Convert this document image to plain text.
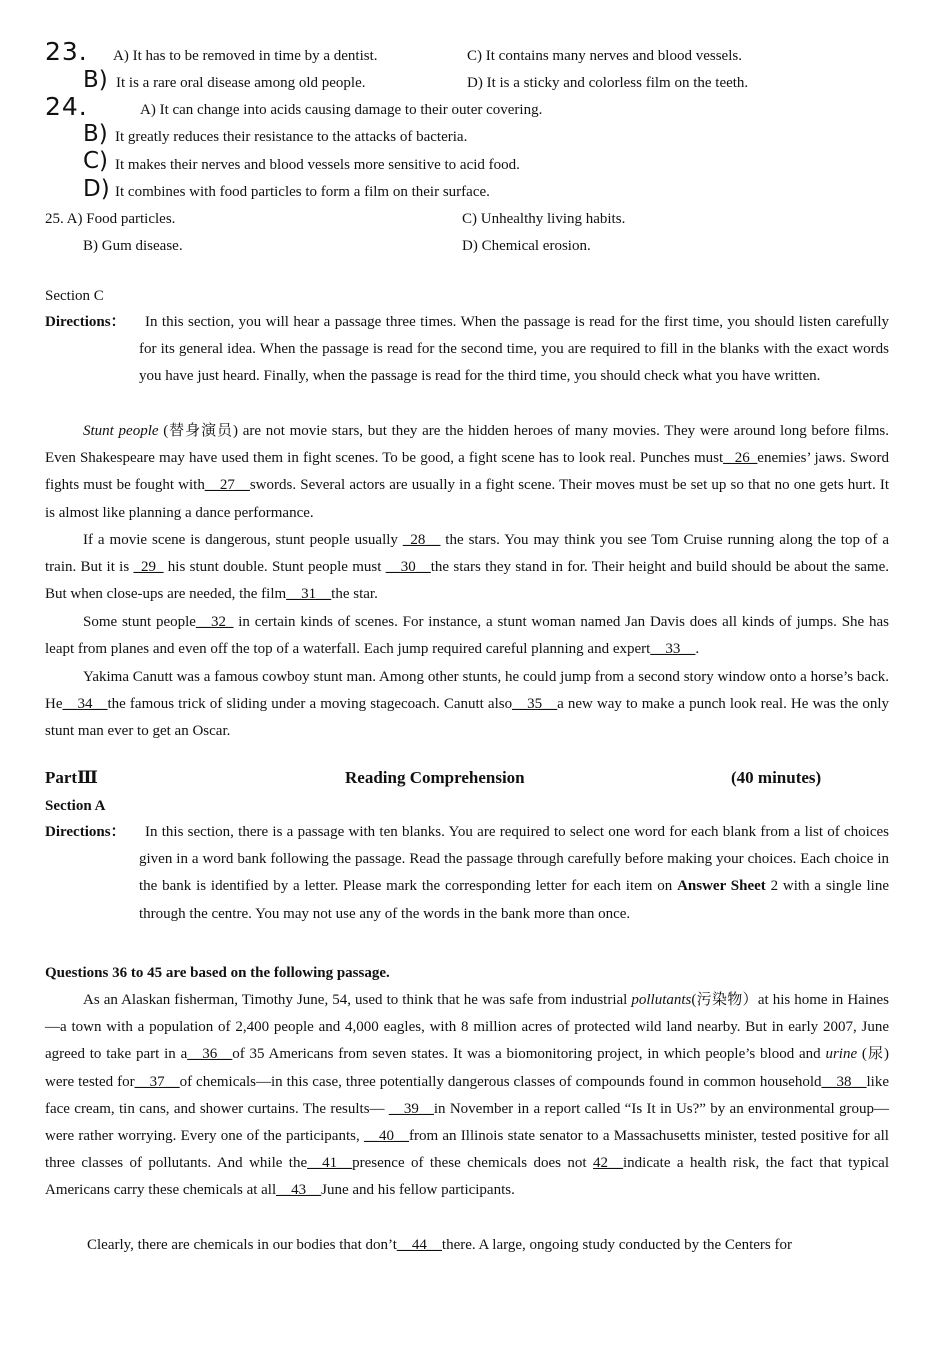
23. A) It has to be removed in time by a dentist.	C) It contains many nerves and blood vessels.
B) It is a rare oral disease among old people.	D) It is a sticky and colorless film on the teeth.
24.	A) It can change into acids causing damage to their outer covering.
B) It greatly reduces their resistance to the attacks of bacteria.
C) It makes their nerves and blood vessels more sensitive to acid food.
D) It combines with food particles to form a film on their surface.
25. A) Food particles.	C) Unhealthy living habits.
B) Gum disease.	D) Chemical erosion.
Section C
Directions：	In this section, you will hear a passage three times. When the passage is read for the first time, you should listen carefully for its general idea. When the passage is read for the second time, you are required to fill in the blanks with the exact words you have just heard. Finally, when the passage is read for the third time, you should check what you have written.
Stunt people (替身演员) are not movie stars, but they are the hidden heroes of many movies. They were around long before films. Even Shakespeare may have used them in fight scenes. To be good, a fight scene has to look real. Punches must_ 26_enemies’ jaws. Sword fights must be fought with__27__swords. Several actors are usually in a fight scene. Their moves must be set up so that no one gets hurt. It is almost like planning a dance performance.
If a movie scene is dangerous, stunt people usually _28__ the stars. You may think you see Tom Cruise running along the top of a train. But it is _29_ his stunt double. Stunt people must __30__the stars they stand in for. Their height and build should be about the same. But when close-ups are needed, the film__31__the star.
Some stunt people__32_ in certain kinds of scenes. For instance, a stunt woman named Jan Davis does all kinds of jumps. She has leapt from planes and even off the top of a waterfall. Each jump required careful planning and expert__33__.
Yakima Canutt was a famous cowboy stunt man. Among other stunts, he could jump from a second story window onto a horse’s back. He__34__the famous trick of sliding under a moving stagecoach. Canutt also__35__a new way to make a punch look real. He was the only stunt man ever to get an Oscar.
PartⅢ	Reading Comprehension	(40 minutes)
Section A
Directions：	In this section, there is a passage with ten blanks. You are required to select one word for each blank from a list of choices given in a word bank following the passage. Read the passage through carefully before making your choices. Each choice in the bank is identified by a letter. Please mark the corresponding letter for each item on Answer Sheet 2 with a single line through the centre. You may not use any of the words in the bank more than once.
Questions 36 to 45 are based on the following passage.
As an Alaskan fisherman, Timothy June, 54, used to think that he was safe from industrial pollutants(污染物）at his home in Haines—a town with a population of 2,400 people and 4,000 eagles, with 8 million acres of protected wild land nearby. But in early 2007, June agreed to take part in a__36__of 35 Americans from seven states. It was a biomonitoring project, in which people’s blood and urine (尿) were tested for__37__of chemicals—in this case, three potentially dangerous classes of compounds found in common household__38__like face cream, tin cans, and shower curtains. The results— __39__in November in a report called “Is It in Us?” by an environmental group—were rather worrying. Every one of the participants, __40__from an Illinois state senator to a Massachusetts minister, tested positive for all three classes of pollutants. And while the__41__presence of these chemicals does not 42__indicate a health risk, the fact that typical Americans carry these chemicals at all__43__June and his fellow participants.
Clearly, there are chemicals in our bodies that don’t__44__there. A large, ongoing study conducted by the Centers for
